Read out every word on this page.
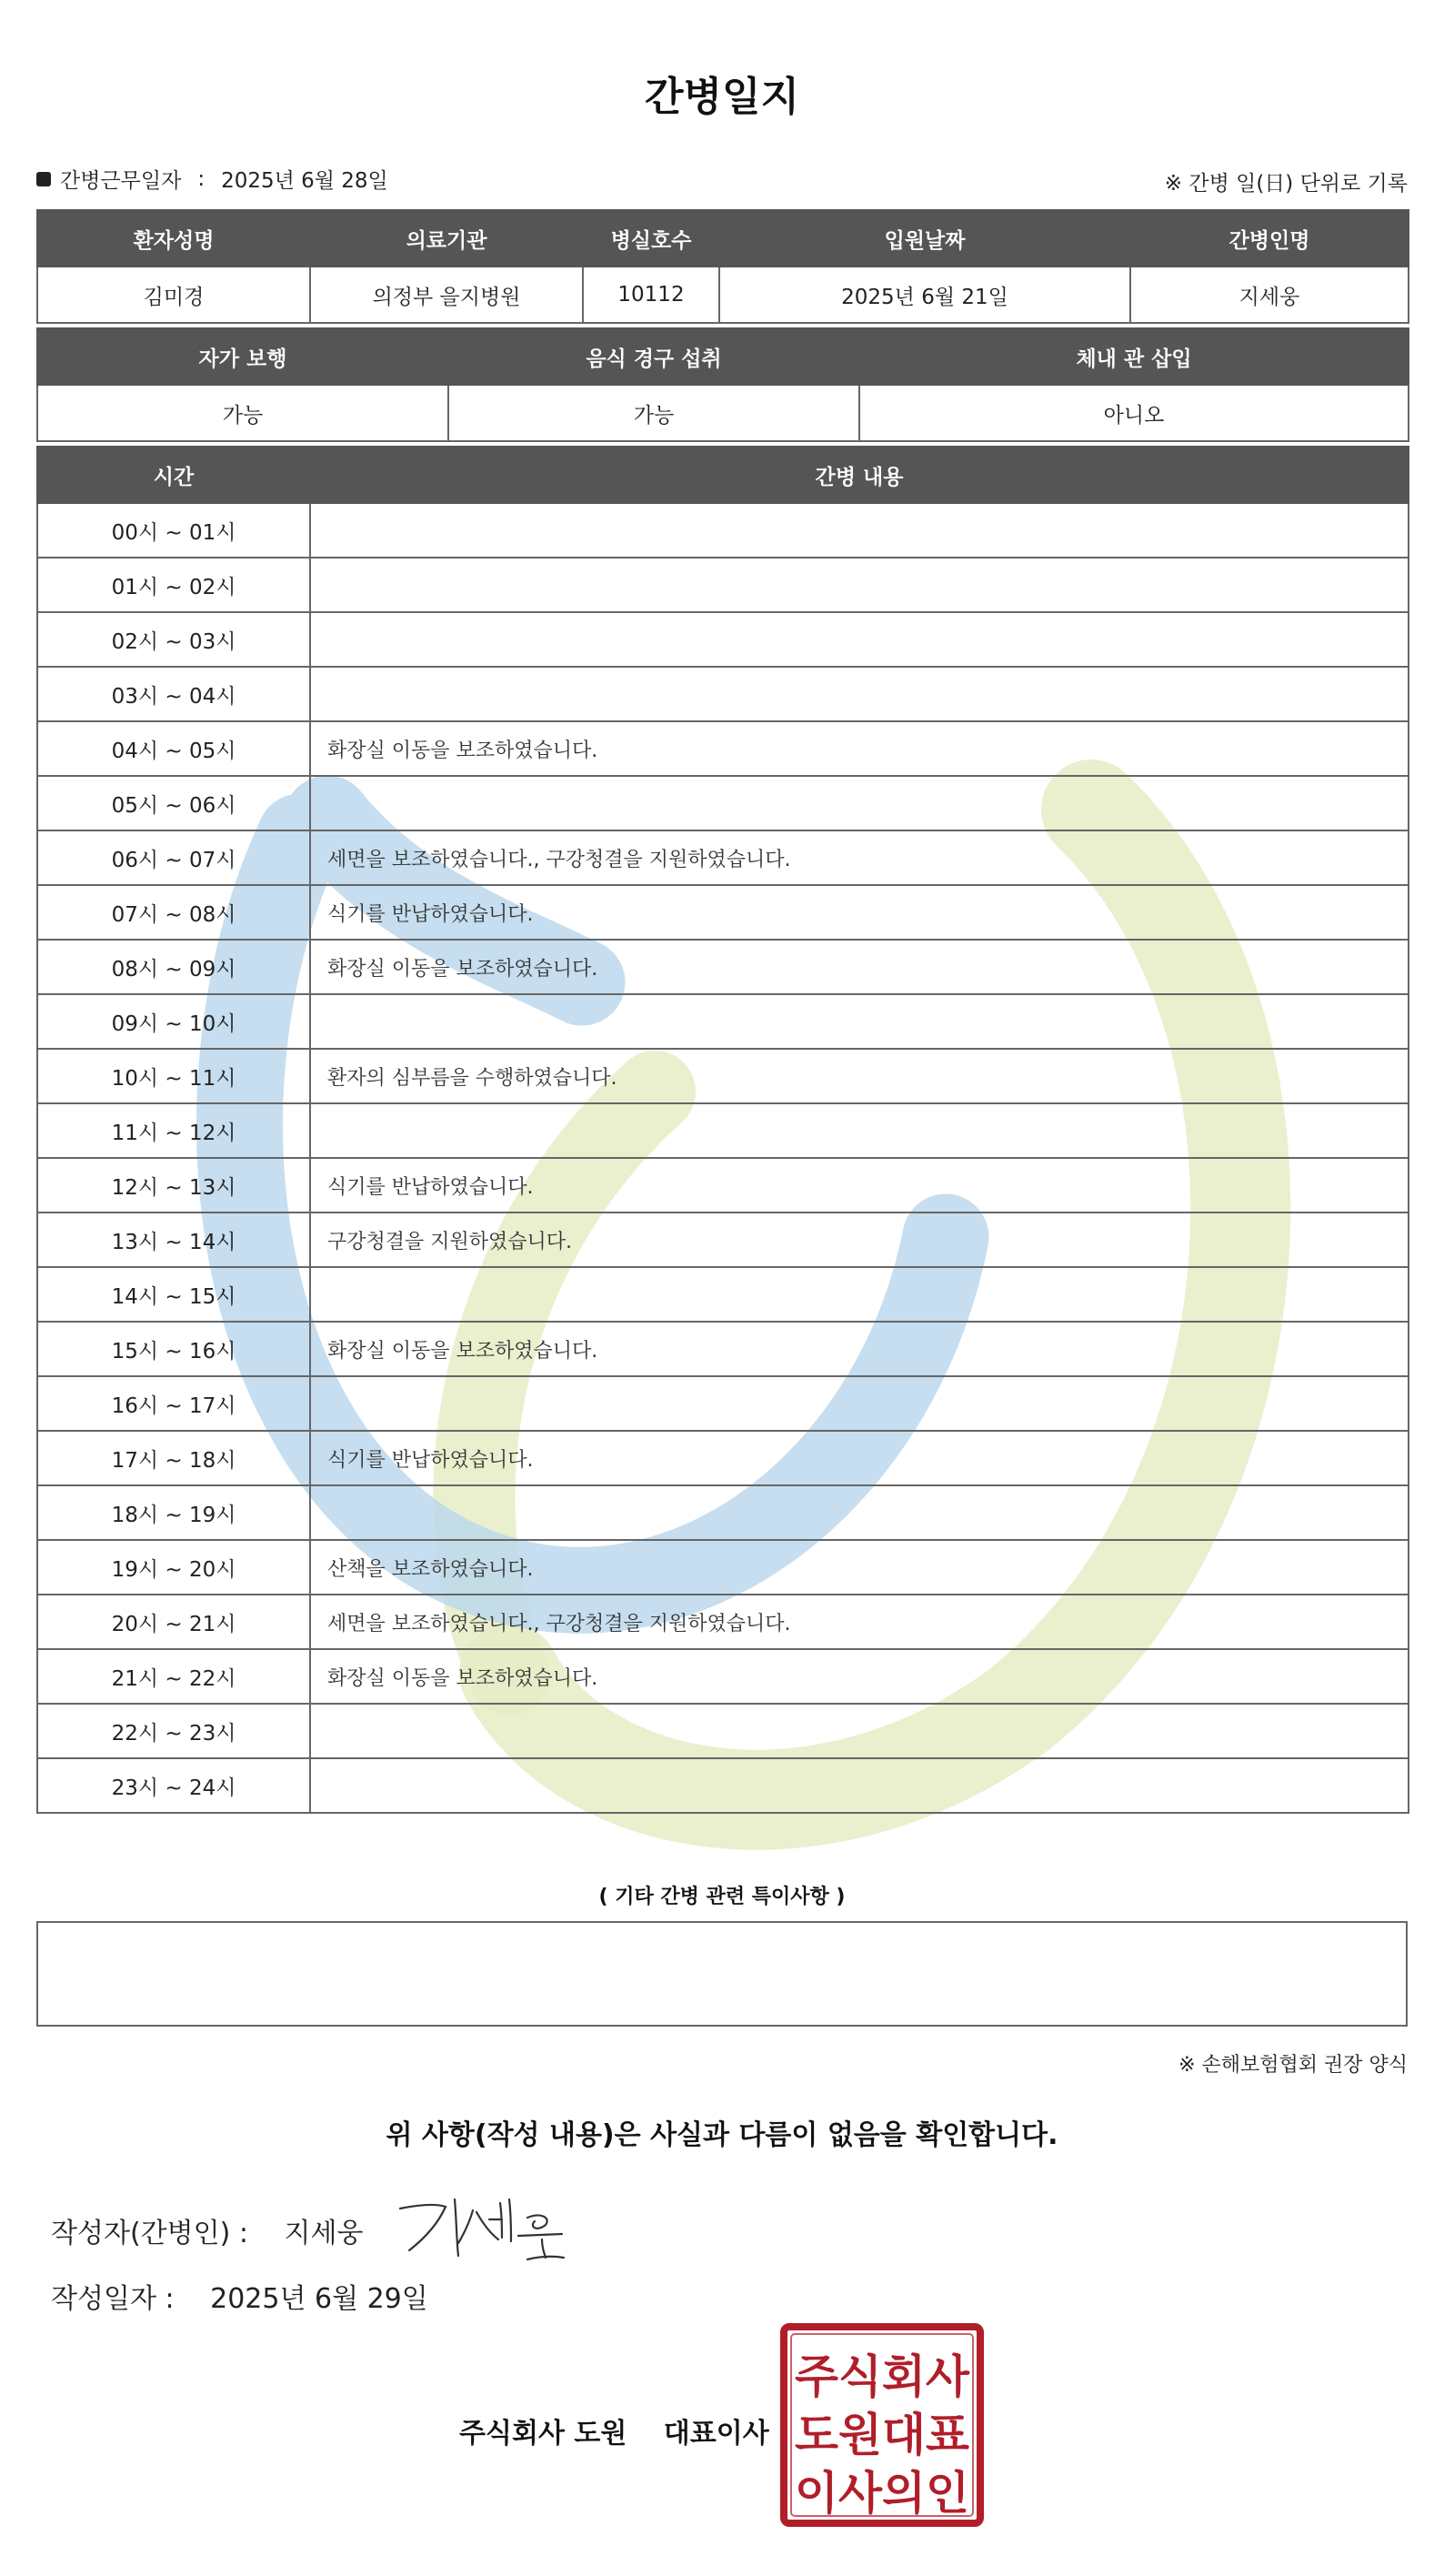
간병일지
간병근무일자 : 2025년 6월 28일	※ 간병 일(日) 단위로 기록
환자성명	의료기관	병실호수	입원날짜	간병인명
김미경	의정부 을지병원	10112	2025년 6월 21일	지세웅
자가 보행	음식 경구 섭취	체내 관 삽입
가능	가능	아니오
시간	간병 내용
00시 ~ 01시	
01시 ~ 02시	
02시 ~ 03시	
03시 ~ 04시	
04시 ~ 05시	화장실 이동을 보조하였습니다.
05시 ~ 06시	
06시 ~ 07시	세면을 보조하였습니다., 구강청결을 지원하였습니다.
07시 ~ 08시	식기를 반납하였습니다.
08시 ~ 09시	화장실 이동을 보조하였습니다.
09시 ~ 10시	
10시 ~ 11시	환자의 심부름을 수행하였습니다.
11시 ~ 12시	
12시 ~ 13시	식기를 반납하였습니다.
13시 ~ 14시	구강청결을 지원하였습니다.
14시 ~ 15시	
15시 ~ 16시	화장실 이동을 보조하였습니다.
16시 ~ 17시	
17시 ~ 18시	식기를 반납하였습니다.
18시 ~ 19시	
19시 ~ 20시	산책을 보조하였습니다.
20시 ~ 21시	세면을 보조하였습니다., 구강청결을 지원하였습니다.
21시 ~ 22시	화장실 이동을 보조하였습니다.
22시 ~ 23시	
23시 ~ 24시	
( 기타 간병 관련 특이사항 )
※ 손해보험협회 권장 양식
위 사항(작성 내용)은 사실과 다름이 없음을 확인합니다.
작성자(간병인) : 지세웅
작성일자 : 2025년 6월 29일
주식회사 도원 대표이사
주식회사
도원대표
이사의인
